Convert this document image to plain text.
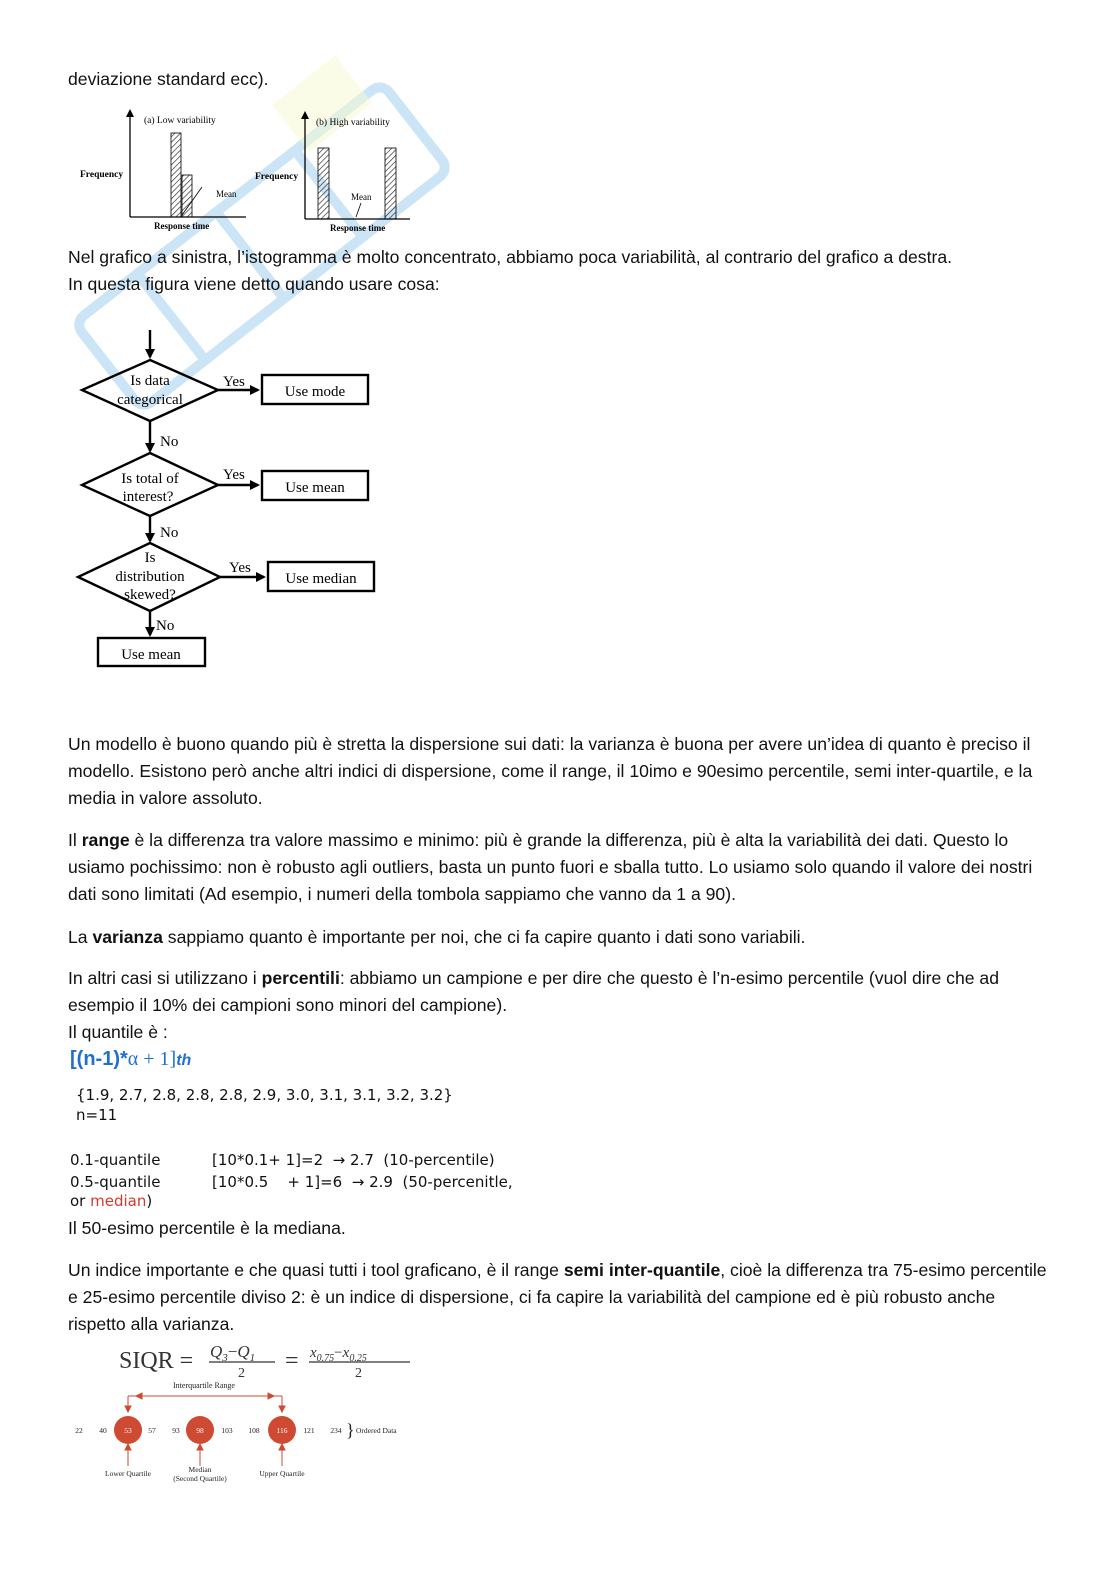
deviazione standard ecc).

(a) Low variability
Frequency
Mean
Response time
(b) High variability
Frequency
Mean
Response time

Nel grafico a sinistra, l’istogramma è molto concentrato, abbiamo poca variabilità, al contrario del grafico a destra.
In questa figura viene detto quando usare cosa:

Is data
categorical
Yes
Use mode
No
Is total of
interest?
Yes
Use mean
No
Is
distribution
skewed?
Yes
Use median
No
Use mean

Un modello è buono quando più è stretta la dispersione sui dati: la varianza è buona per avere un’idea di quanto è preciso il modello. Esistono però anche altri indici di dispersione, come il range, il 10imo e 90esimo percentile, semi inter-quartile, e la media in valore assoluto.

Il range è la differenza tra valore massimo e minimo: più è grande la differenza, più è alta la variabilità dei dati. Questo lo usiamo pochissimo: non è robusto agli outliers, basta un punto fuori e sballa tutto. Lo usiamo solo quando il valore dei nostri dati sono limitati (Ad esempio, i numeri della tombola sappiamo che vanno da 1 a 90).

La varianza sappiamo quanto è importante per noi, che ci fa capire quanto i dati sono variabili.

In altri casi si utilizzano i percentili: abbiamo un campione e per dire che questo è l’n-esimo percentile (vuol dire che ad esempio il 10% dei campioni sono minori del campione).
Il quantile è :

[(n-1)*α + 1]th
{1.9, 2.7, 2.8, 2.8, 2.8, 2.9, 3.0, 3.1, 3.1, 3.2, 3.2}
n=11
0.1-quantile	[10*0.1+ 1]=2  → 2.7  (10-percentile)
0.5-quantile	[10*0.5    + 1]=6  → 2.9  (50-percenitle,
or median)

Il 50-esimo percentile è la mediana.

Un indice importante e che quasi tutti i tool graficano, è il range semi inter-quantile, cioè la differenza tra 75-esimo percentile e 25-esimo percentile diviso 2: è un indice di dispersione, ci fa capire la variabilità del campione ed è più robusto anche rispetto alla varianza.

SIQR = $Q_3-Q_1$
$2 = x_{0.75}-x_{0.25}$
2
Interquartile Range
22 40 53 57 93 98 103 108 116 121 234 } Ordered Data
Lower Quartile	Median
(Second Quartile)
Upper Quartile
